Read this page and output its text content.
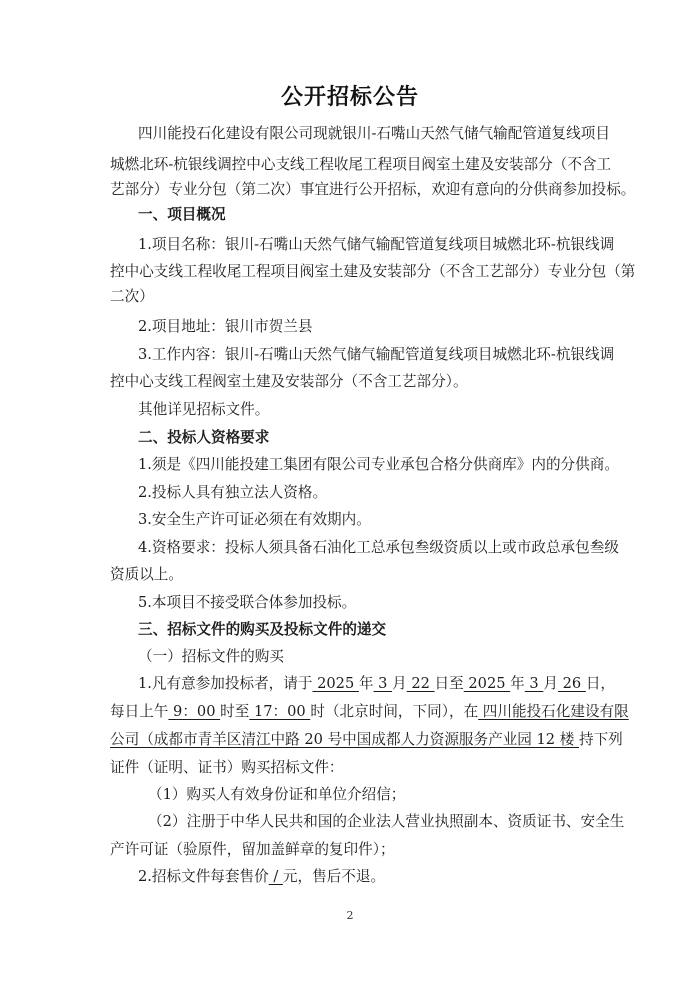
公开招标公告
四川能投石化建设有限公司现就银川-石嘴山天然气储气输配管道复线项目
城燃北环-杭银线调控中心支线工程收尾工程项目阀室土建及安装部分（不含工
艺部分）专业分包（第二次）事宜进行公开招标，欢迎有意向的分供商参加投标。
一、项目概况
1.项目名称：银川-石嘴山天然气储气输配管道复线项目城燃北环-杭银线调
控中心支线工程收尾工程项目阀室土建及安装部分（不含工艺部分）专业分包（第
二次）
2.项目地址：银川市贺兰县
3.工作内容：银川-石嘴山天然气储气输配管道复线项目城燃北环-杭银线调
控中心支线工程阀室土建及安装部分（不含工艺部分）。
其他详见招标文件。
二、投标人资格要求
1.须是《四川能投建工集团有限公司专业承包合格分供商库》内的分供商。
2.投标人具有独立法人资格。
3.安全生产许可证必须在有效期内。
4.资格要求：投标人须具备石油化工总承包叁级资质以上或市政总承包叁级
资质以上。
5.本项目不接受联合体参加投标。
三、招标文件的购买及投标文件的递交
（一）招标文件的购买
1.凡有意参加投标者，请于 2025 年 3 月 22 日至 2025 年 3 月 26 日，
每日上午 9：00 时至 17：00 时（北京时间，下同），在 四川能投石化建设有限
公司（成都市青羊区清江中路 20 号中国成都人力资源服务产业园 12 楼 持下列
证件（证明、证书）购买招标文件：
（1）购买人有效身份证和单位介绍信；
（2）注册于中华人民共和国的企业法人营业执照副本、资质证书、安全生
产许可证（验原件，留加盖鲜章的复印件）；
2.招标文件每套售价 / 元，售后不退。
2
